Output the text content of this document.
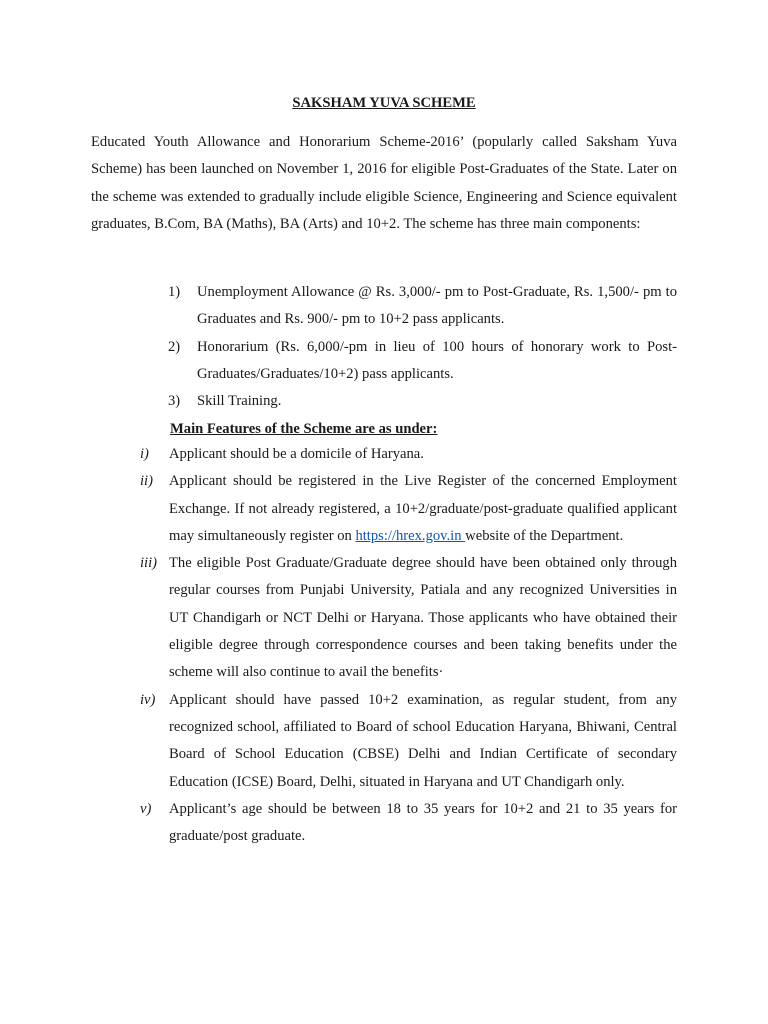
SAKSHAM YUVA SCHEME

Educated Youth Allowance and Honorarium Scheme-2016’ (popularly called Saksham Yuva Scheme) has been launched on November 1, 2016 for eligible Post-Graduates of the State. Later on the scheme was extended to gradually include eligible Science, Engineering and Science equivalent graduates, B.Com, BA (Maths), BA (Arts) and 10+2. The scheme has three main components:

1) Unemployment Allowance @ Rs. 3,000/- pm to Post-Graduate, Rs. 1,500/- pm to Graduates and Rs. 900/- pm to 10+2 pass applicants.
2) Honorarium (Rs. 6,000/-pm in lieu of 100 hours of honorary work to Post-Graduates/Graduates/10+2) pass applicants.
3) Skill Training.
Main Features of the Scheme are as under:
i) Applicant should be a domicile of Haryana.
ii) Applicant should be registered in the Live Register of the concerned Employment Exchange. If not already registered, a 10+2/graduate/post-graduate qualified applicant may simultaneously register on https://hrex.gov.in website of the Department.
iii) The eligible Post Graduate/Graduate degree should have been obtained only through regular courses from Punjabi University, Patiala and any recognized Universities in UT Chandigarh or NCT Delhi or Haryana. Those applicants who have obtained their eligible degree through correspondence courses and been taking benefits under the scheme will also continue to avail the benefits·
iv) Applicant should have passed 10+2 examination, as regular student, from any recognized school, affiliated to Board of school Education Haryana, Bhiwani, Central Board of School Education (CBSE) Delhi and Indian Certificate of secondary Education (ICSE) Board, Delhi, situated in Haryana and UT Chandigarh only.
v) Applicant’s age should be between 18 to 35 years for 10+2 and 21 to 35 years for graduate/post graduate.
